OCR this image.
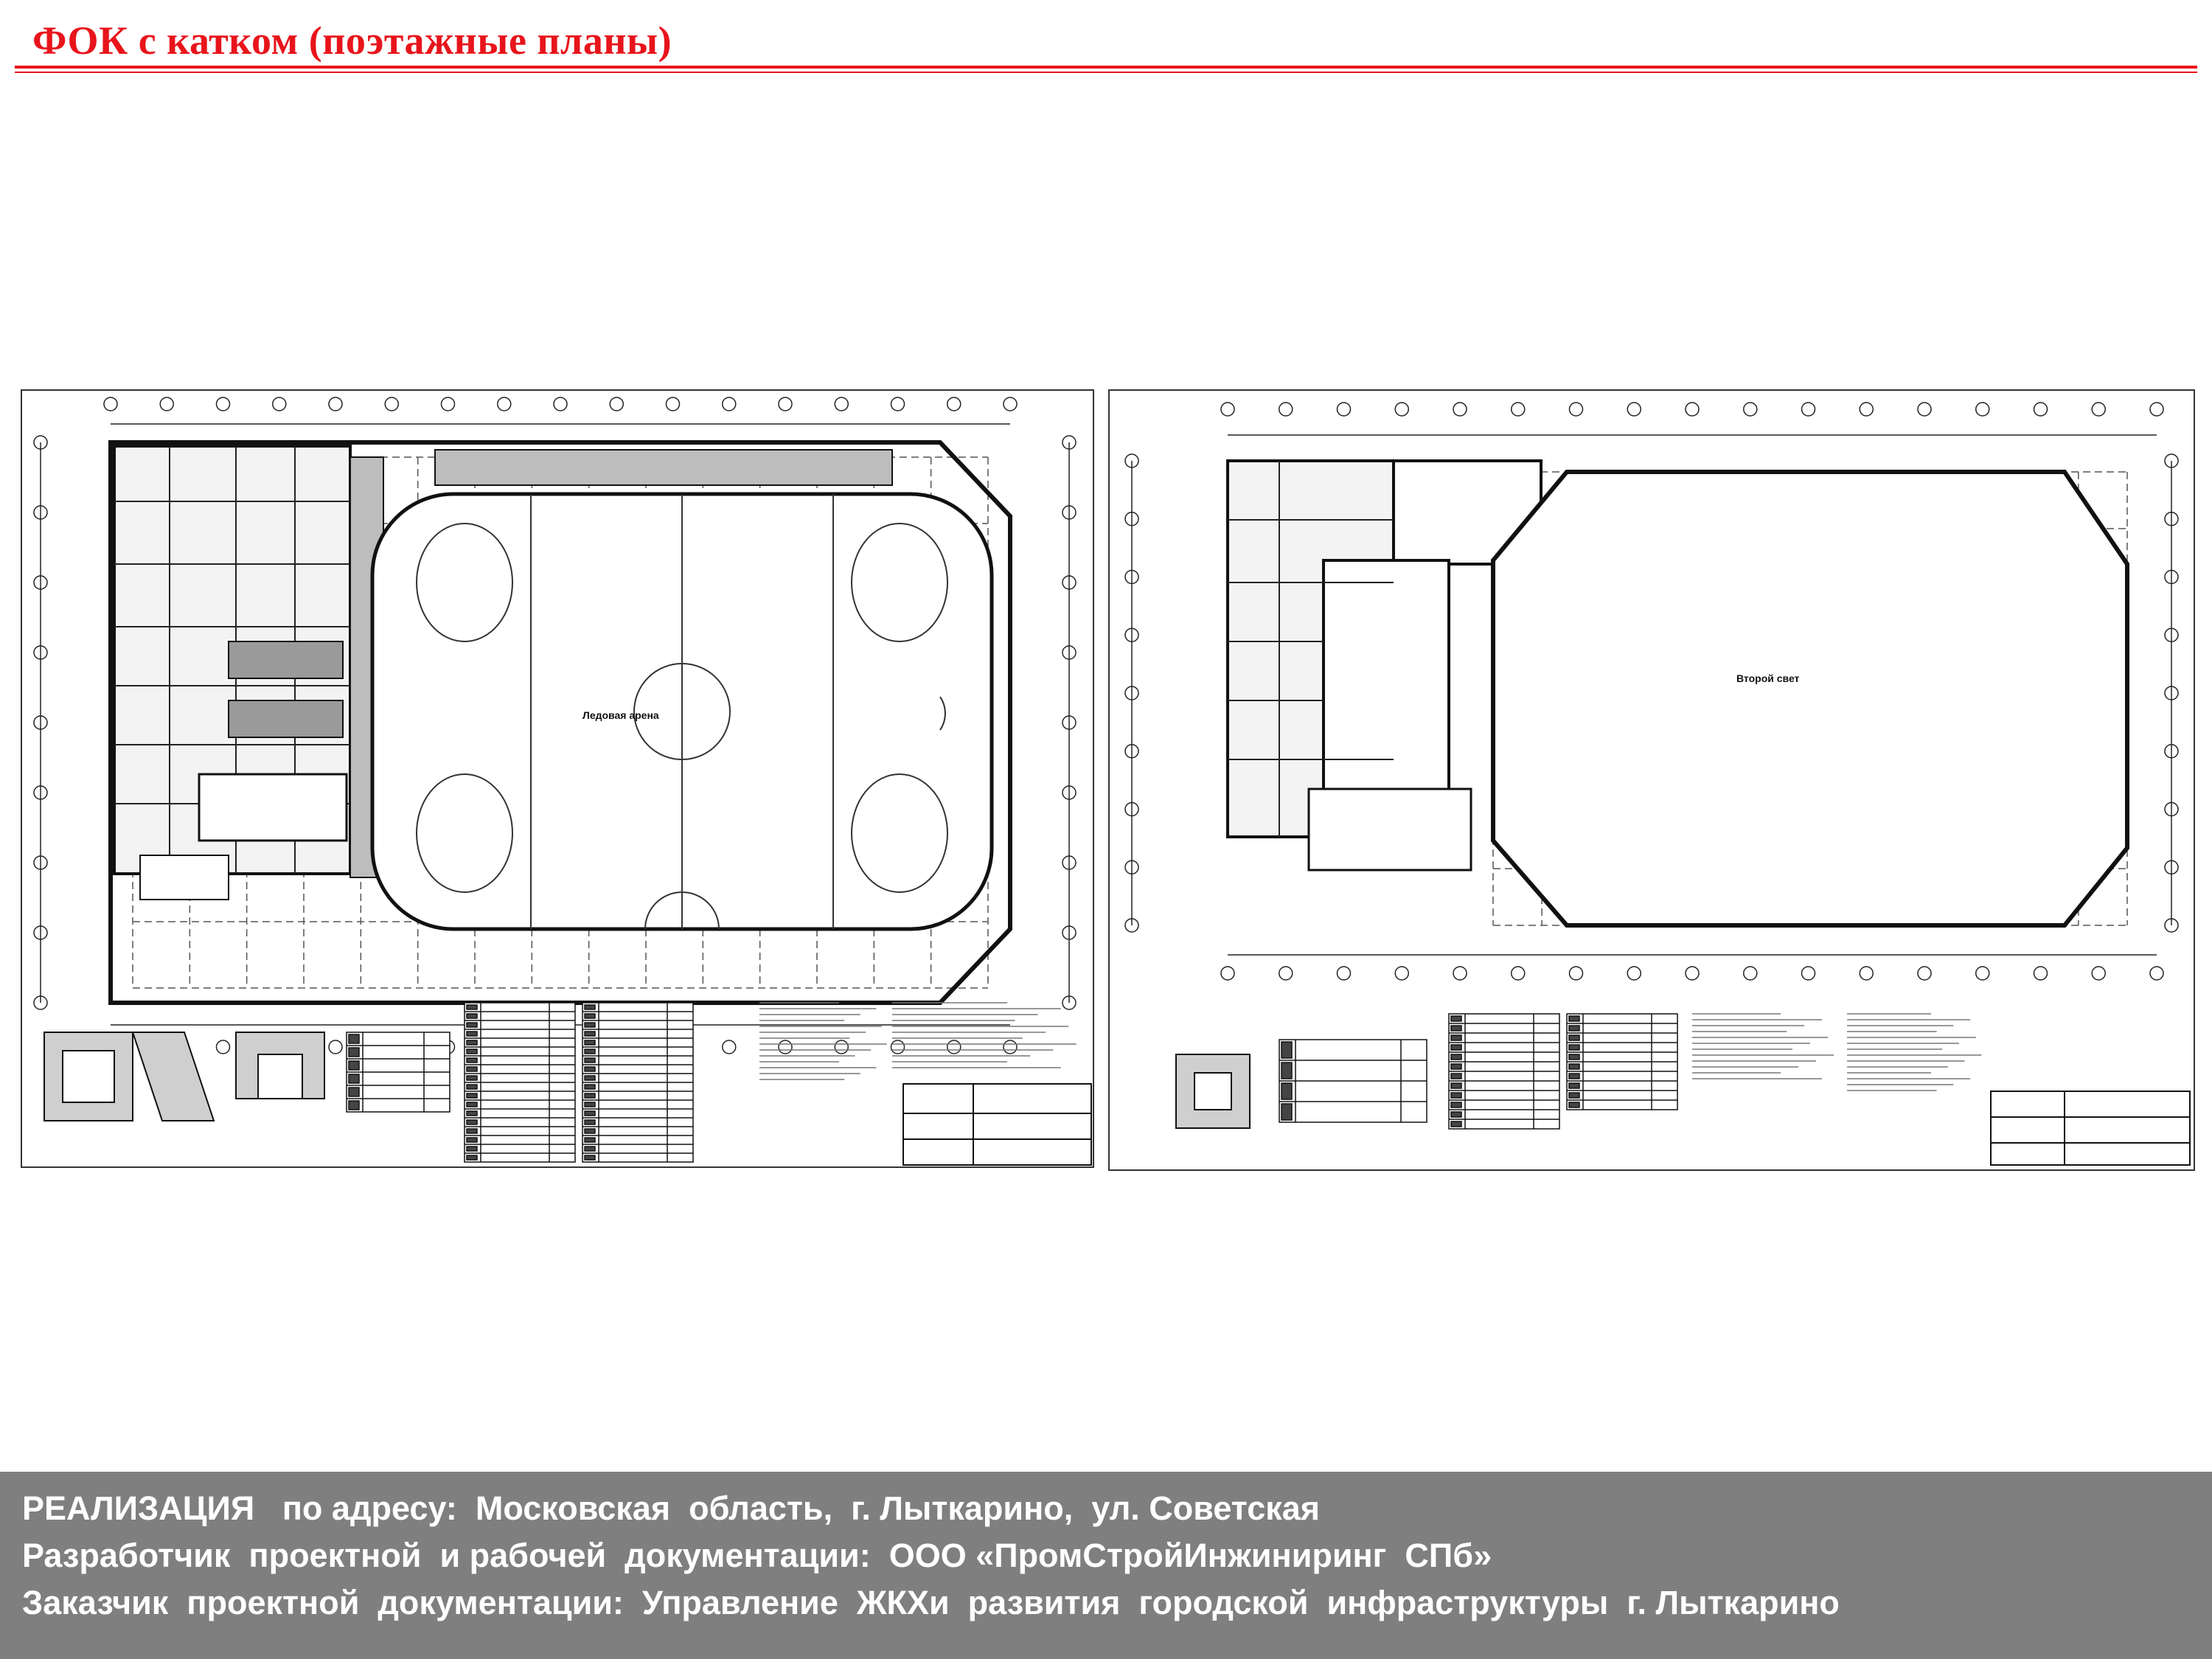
ФОК с катком (поэтажные планы)
Ледовая арена
Второй свет
РЕАЛИЗАЦИЯ   по адресу:  Московская  область,  г. Лыткарино,  ул. Советская
Разработчик  проектной  и рабочей  документации:  ООО «ПромСтройИнжиниринг  СПб»
Заказчик  проектной  документации:  Управление  ЖКХи  развития  городской  инфраструктуры  г. Лыткарино
